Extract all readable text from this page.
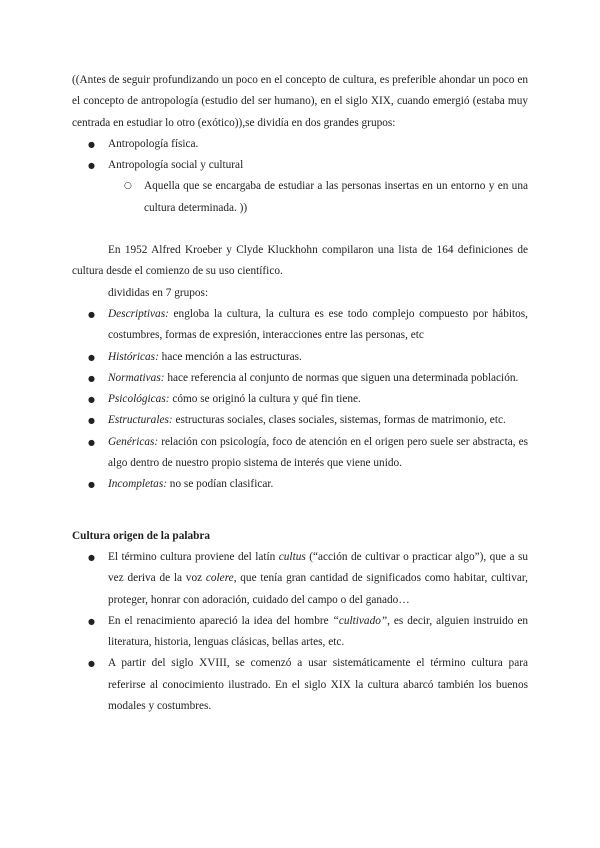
((Antes de seguir profundizando un poco en el concepto de cultura, es preferible ahondar un poco en el concepto de antropología (estudio del ser humano), en el siglo XIX, cuando emergió (estaba muy centrada en estudiar lo otro (exótico)),se dividía en dos grandes grupos:

● Antropología física.
● Antropología social y cultural
○ Aquella que se encargaba de estudiar a las personas insertas en un entorno y en una cultura determinada. ))

En 1952 Alfred Kroeber y Clyde Kluckhohn compilaron una lista de 164 definiciones de cultura desde el comienzo de su uso científico.

divididas en 7 grupos:

● Descriptivas: engloba la cultura, la cultura es ese todo complejo compuesto por hábitos, costumbres, formas de expresión, interacciones entre las personas, etc
● Históricas: hace mención a las estructuras.
● Normativas: hace referencia al conjunto de normas que siguen una determinada población.
● Psicológicas: cómo se originó la cultura y qué fin tiene.
● Estructurales: estructuras sociales, clases sociales, sistemas, formas de matrimonio, etc.
● Genéricas: relación con psicología, foco de atención en el origen pero suele ser abstracta, es algo dentro de nuestro propio sistema de interés que viene unido.
● Incompletas: no se podían clasificar.

Cultura origen de la palabra

● El término cultura proviene del latín cultus (“acción de cultivar o practicar algo”), que a su vez deriva de la voz colere, que tenía gran cantidad de significados como habitar, cultivar, proteger, honrar con adoración, cuidado del campo o del ganado…
● En el renacimiento apareció la idea del hombre “cultivado”, es decir, alguien instruido en literatura, historia, lenguas clásicas, bellas artes, etc.
● A partir del siglo XVIII, se comenzó a usar sistemáticamente el término cultura para referirse al conocimiento ilustrado. En el siglo XIX la cultura abarcó también los buenos modales y costumbres.
